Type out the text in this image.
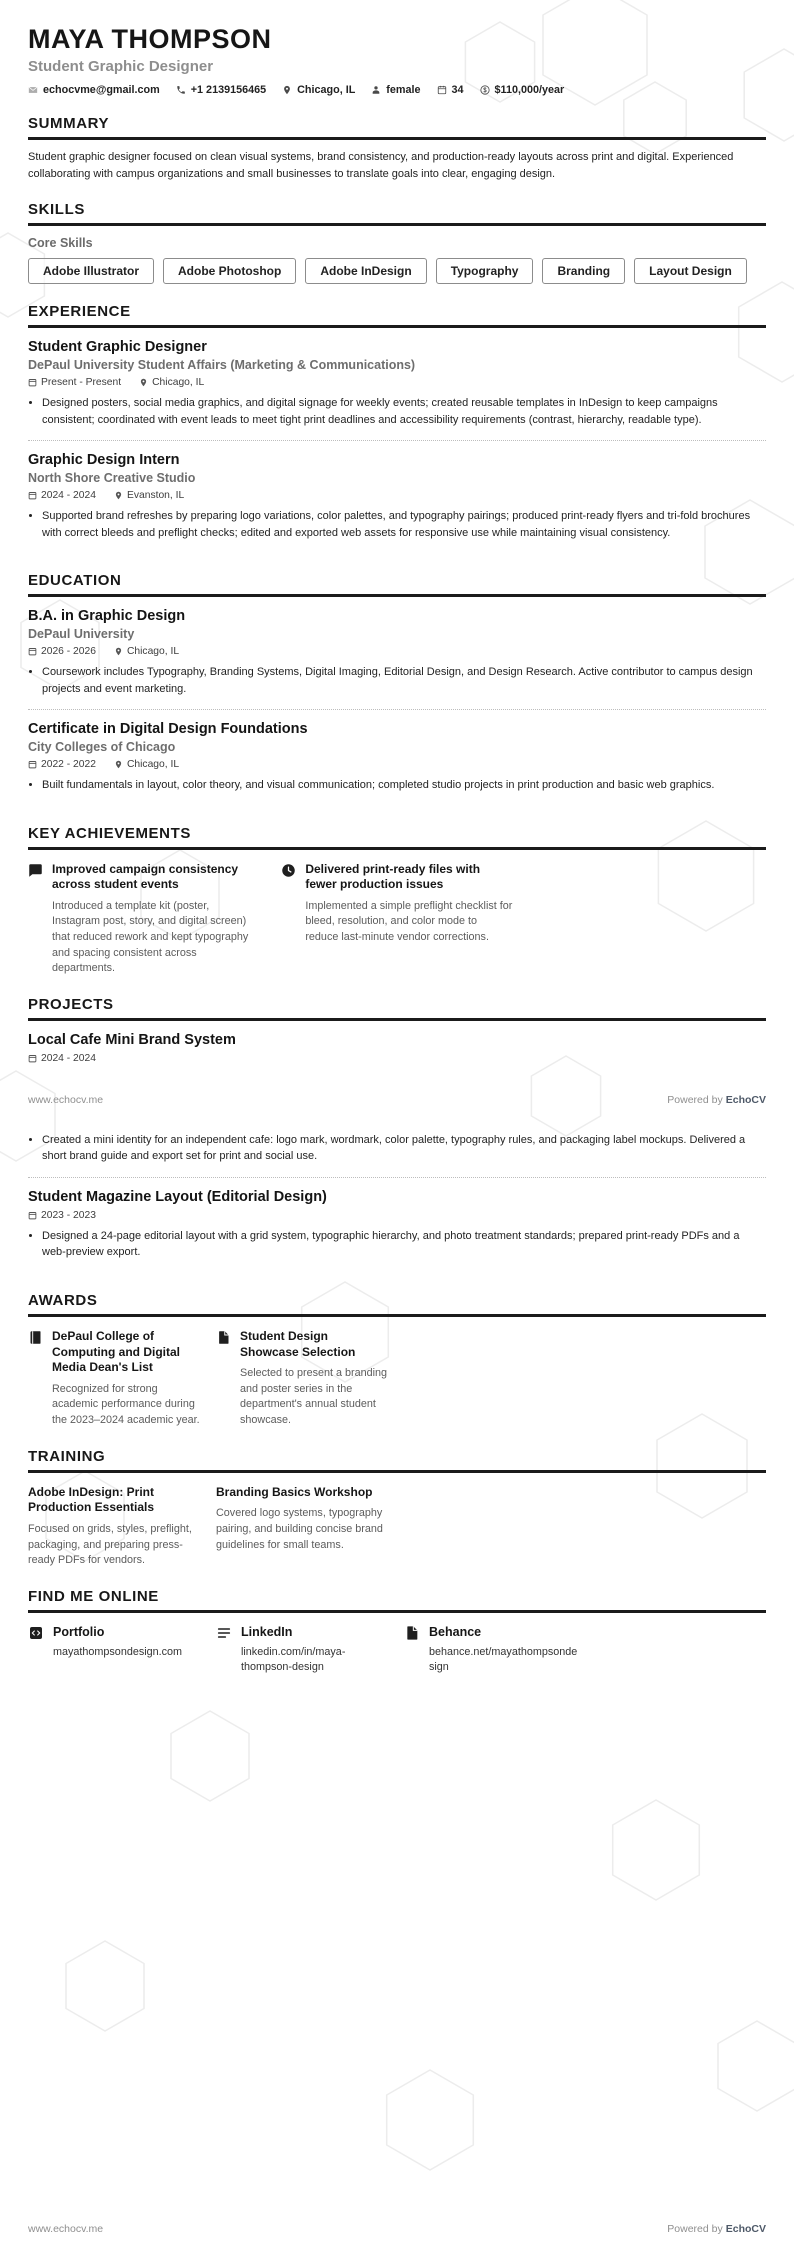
MAYA THOMPSON
Student Graphic Designer
echocvme@gmail.com	+1 2139156465	Chicago, IL	female	34	$110,000/year
SUMMARY

Student graphic designer focused on clean visual systems, brand consistency, and production-ready layouts across print and digital. Experienced collaborating with campus organizations and small businesses to translate goals into clear, engaging design.

SKILLS
Core Skills
Adobe Illustrator	Adobe Photoshop	Adobe InDesign	Typography	Branding	Layout Design
EXPERIENCE
Student Graphic Designer
DePaul University Student Affairs (Marketing & Communications)
Present - Present	Chicago, IL
• Designed posters, social media graphics, and digital signage for weekly events; created reusable templates in InDesign to keep campaigns consistent; coordinated with event leads to meet tight print deadlines and accessibility requirements (contrast, hierarchy, readable type).
Graphic Design Intern
North Shore Creative Studio
2024 - 2024	Evanston, IL
• Supported brand refreshes by preparing logo variations, color palettes, and typography pairings; produced print-ready flyers and tri-fold brochures with correct bleeds and preflight checks; edited and exported web assets for responsive use while maintaining visual consistency.
EDUCATION
B.A. in Graphic Design
DePaul University
2026 - 2026	Chicago, IL
• Coursework includes Typography, Branding Systems, Digital Imaging, Editorial Design, and Design Research. Active contributor to campus design projects and event marketing.
Certificate in Digital Design Foundations
City Colleges of Chicago
2022 - 2022	Chicago, IL
• Built fundamentals in layout, color theory, and visual communication; completed studio projects in print production and basic web graphics.
KEY ACHIEVEMENTS
Improved campaign consistency across student events
Introduced a template kit (poster, Instagram post, story, and digital screen) that reduced rework and kept typography and spacing consistent across departments.
Delivered print-ready files with fewer production issues
Implemented a simple preflight checklist for bleed, resolution, and color mode to reduce last-minute vendor corrections.
PROJECTS
Local Cafe Mini Brand System
2024 - 2024
www.echocv.me	Powered by EchoCV
• Created a mini identity for an independent cafe: logo mark, wordmark, color palette, typography rules, and packaging label mockups. Delivered a short brand guide and export set for print and social use.
Student Magazine Layout (Editorial Design)
2023 - 2023
• Designed a 24-page editorial layout with a grid system, typographic hierarchy, and photo treatment standards; prepared print-ready PDFs and a web-preview export.
AWARDS
DePaul College of Computing and Digital Media Dean's List
Recognized for strong academic performance during the 2023–2024 academic year.
Student Design Showcase Selection
Selected to present a branding and poster series in the department's annual student showcase.
TRAINING
Adobe InDesign: Print Production Essentials
Focused on grids, styles, preflight, packaging, and preparing press-ready PDFs for vendors.
Branding Basics Workshop
Covered logo systems, typography pairing, and building concise brand guidelines for small teams.
FIND ME ONLINE
Portfolio
mayathompsondesign.com
LinkedIn
linkedin.com/in/maya-thompson-design
Behance
behance.net/mayathompsondesign
www.echocv.me	Powered by EchoCV
